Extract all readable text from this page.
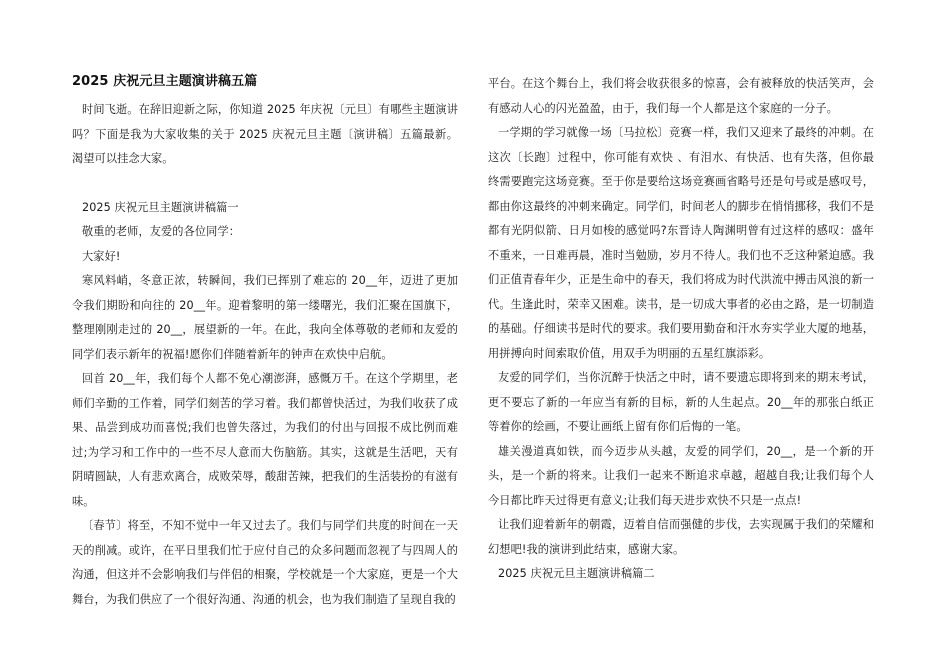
2025 庆祝元旦主题演讲稿五篇

时间飞逝。在辞旧迎新之际，你知道 2025 年庆祝〔元旦〕有哪些主题演讲吗？下面是我为大家收集的关于 2025 庆祝元旦主题〔演讲稿〕五篇最新。渴望可以挂念大家。

2025 庆祝元旦主题演讲稿篇一

敬重的老师，友爱的各位同学：

大家好!

寒风料峭，冬意正浓，转瞬间，我们已挥别了难忘的 20__年，迈进了更加令我们期盼和向往的 20__年。迎着黎明的第一缕曙光，我们汇聚在国旗下，整理刚刚走过的 20__，展望新的一年。在此，我向全体尊敬的老师和友爱的同学们表示新年的祝福!愿你们伴随着新年的钟声在欢快中启航。

回首 20__年，我们每个人都不免心潮澎湃，感慨万千。在这个学期里，老师们辛勤的工作着，同学们刻苦的学习着。我们都曾快活过，为我们收获了成果、品尝到成功而喜悦;我们也曾失落过，为我们的付出与回报不成比例而难过;为学习和工作中的一些不尽人意而大伤脑筋。其实，这就是生活吧，天有阴晴圆缺，人有悲欢离合，成败荣辱，酸甜苦辣，把我们的生活装扮的有滋有味。

〔春节〕将至，不知不觉中一年又过去了。我们与同学们共度的时间在一天天的削减。或许，在平日里我们忙于应付自己的众多问题而忽视了与四周人的沟通，但这并不会影响我们与伴侣的相聚，学校就是一个大家庭，更是一个大舞台，为我们供应了一个很好沟通、沟通的机会，也为我们制造了呈现自我的

平台。在这个舞台上，我们将会收获很多的惊喜，会有被释放的快活笑声，会有感动人心的闪光盈盈，由于，我们每一个人都是这个家庭的一分子。

一学期的学习就像一场〔马拉松〕竞赛一样，我们又迎来了最终的冲刺。在这次〔长跑〕过程中，你可能有欢快 、有泪水、有快活、也有失落，但你最终需要跑完这场竞赛。至于你是要给这场竞赛画省略号还是句号或是感叹号，都由你这最终的冲刺来确定。同学们，时间老人的脚步在悄悄挪移，我们不是都有光阴似箭、日月如梭的感觉吗?东晋诗人陶渊明曾有过这样的感叹：盛年不重来，一日难再晨，准时当勉励，岁月不待人。我们也不乏这种紧迫感。我们正值青春年少，正是生命中的春天，我们将成为时代洪流中搏击风浪的新一代。生逢此时，荣幸又困难。读书，是一切成大事者的必由之路，是一切制造的基础。仔细读书是时代的要求。我们要用勤奋和汗水夯实学业大厦的地基，用拼搏向时间索取价值，用双手为明丽的五星红旗添彩。

友爱的同学们，当你沉醉于快活之中时，请不要遗忘即将到来的期末考试，更不要忘了新的一年应当有新的目标，新的人生起点。20__年的那张白纸正等着你的绘画，不要让画纸上留有你们后悔的一笔。

雄关漫道真如铁，而今迈步从头越，友爱的同学们，20__，是一个新的开头，是一个新的将来。让我们一起来不断追求卓越，超越自我;让我们每个人今日都比昨天过得更有意义;让我们每天进步欢快不只是一点点!

让我们迎着新年的朝霞，迈着自信而强健的步伐，去实现属于我们的荣耀和幻想吧!我的演讲到此结束，感谢大家。

2025 庆祝元旦主题演讲稿篇二
